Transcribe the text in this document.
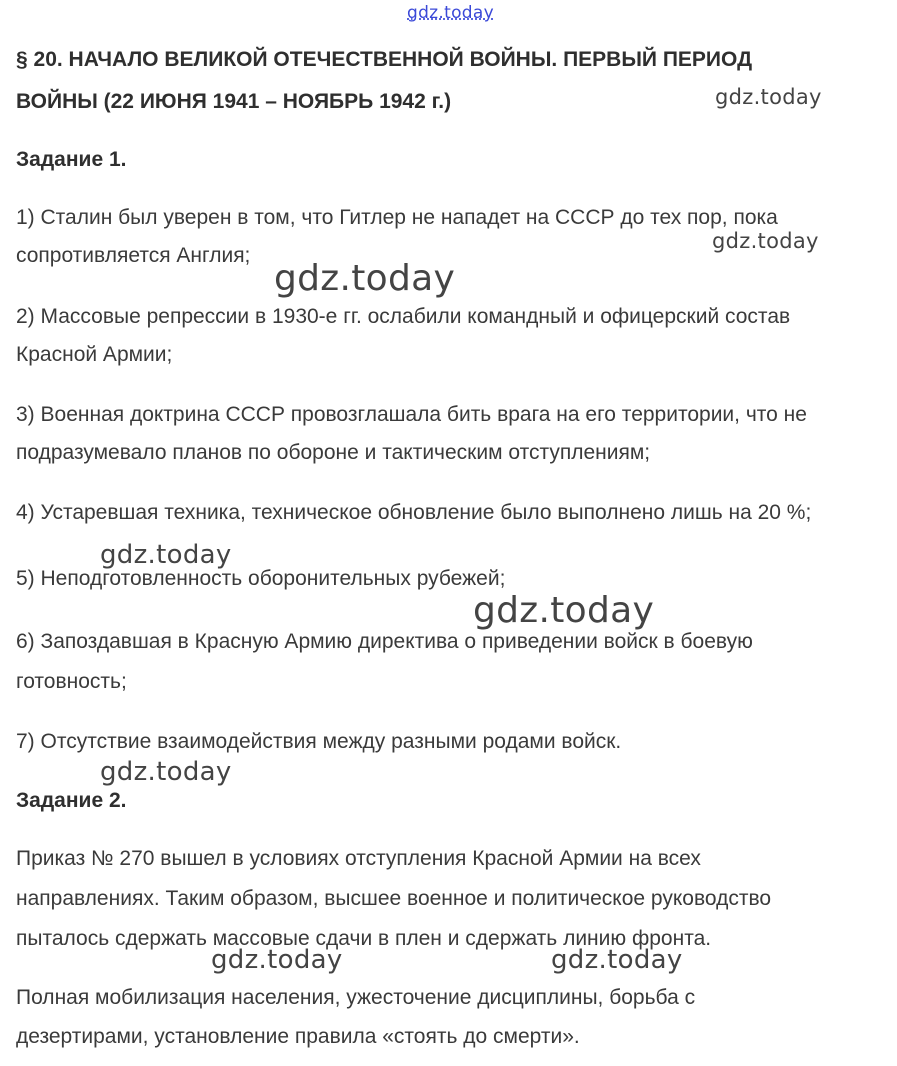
gdz.today
§ 20. НАЧАЛО ВЕЛИКОЙ ОТЕЧЕСТВЕННОЙ ВОЙНЫ. ПЕРВЫЙ ПЕРИОД
ВОЙНЫ (22 ИЮНЯ 1941 – НОЯБРЬ 1942 г.)
Задание 1.
1) Сталин был уверен в том, что Гитлер не нападет на СССР до тех пор, пока
сопротивляется Англия;
2) Массовые репрессии в 1930-е гг. ослабили командный и офицерский состав
Красной Армии;
3) Военная доктрина СССР провозглашала бить врага на его территории, что не
подразумевало планов по обороне и тактическим отступлениям;
4) Устаревшая техника, техническое обновление было выполнено лишь на 20 %;
5) Неподготовленность оборонительных рубежей;
6) Запоздавшая в Красную Армию директива о приведении войск в боевую
готовность;
7) Отсутствие взаимодействия между разными родами войск.
Задание 2.
Приказ № 270 вышел в условиях отступления Красной Армии на всех
направлениях. Таким образом, высшее военное и политическое руководство
пыталось сдержать массовые сдачи в плен и сдержать линию фронта.
Полная мобилизация населения, ужесточение дисциплины, борьба с
дезертирами, установление правила «стоять до смерти».
gdz.today
gdz.today
gdz.today
gdz.today
gdz.today
gdz.today
gdz.today	gdz.today
